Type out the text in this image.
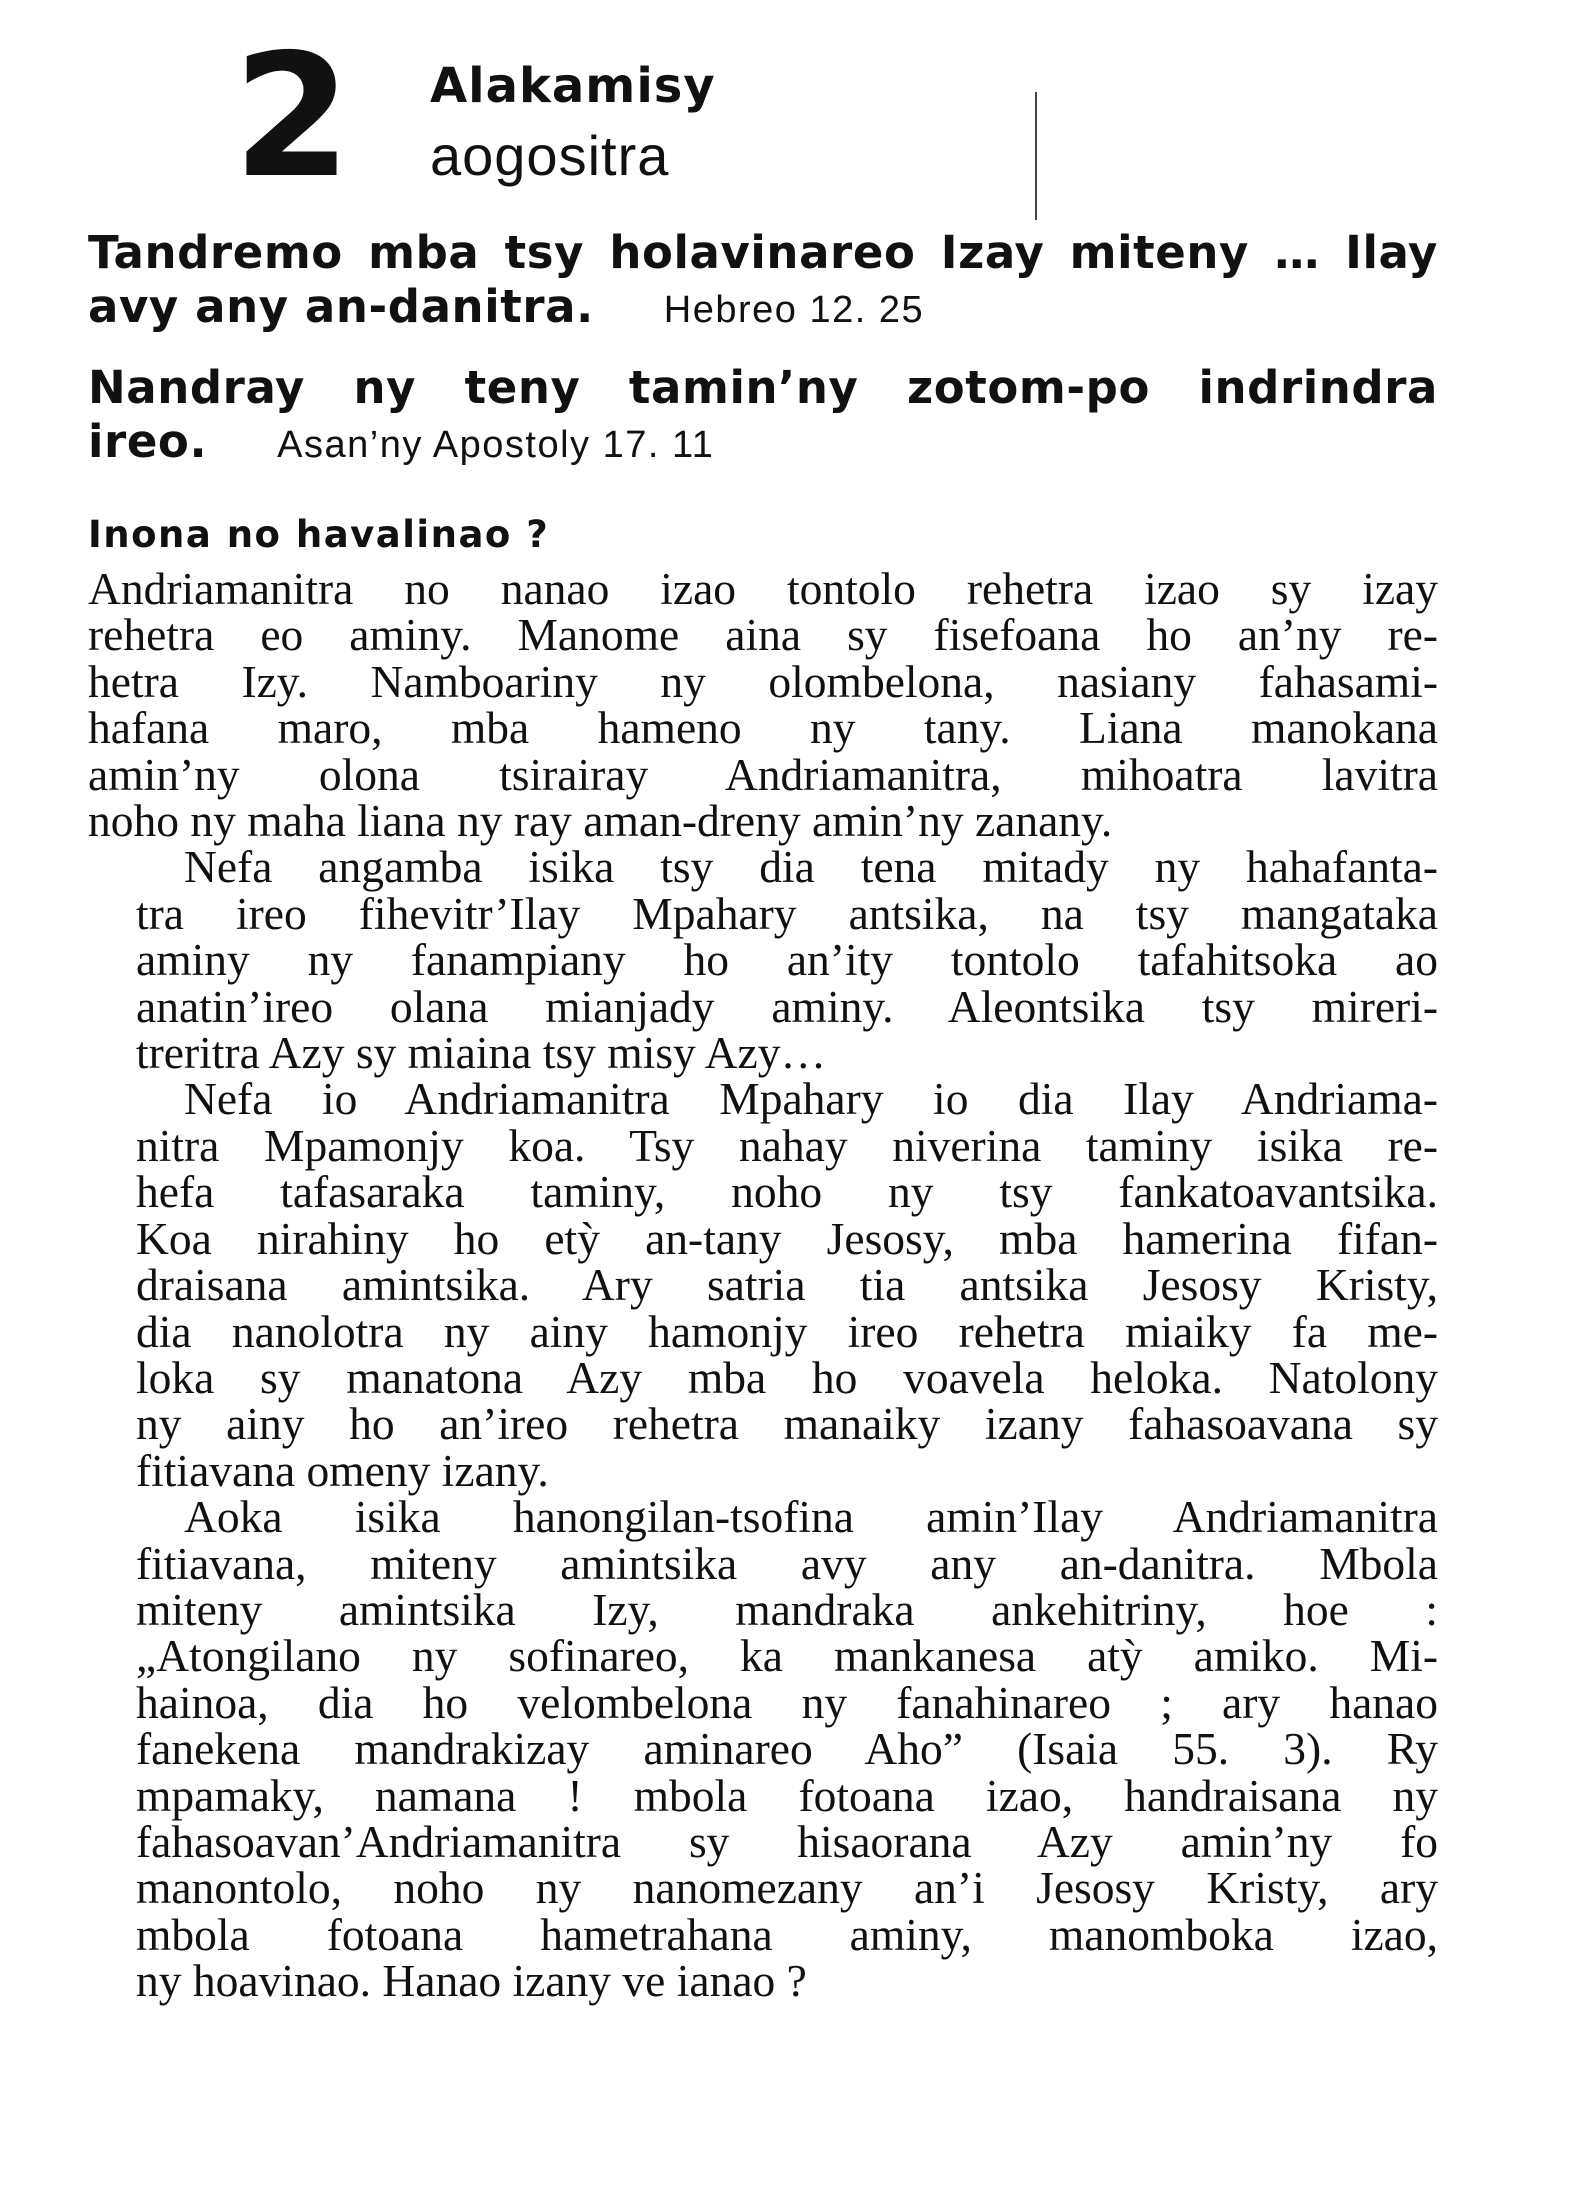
2 Alakamisy
aogositra

Tandremo mba tsy holavinareo Izay miteny … Ilay
avy any an-danitra. Hebreo 12. 25

Nandray ny teny tamin’ny zotom-po indrindra
ireo. Asan’ny Apostoly 17. 11

Inona no havalinao ?

Andriamanitra no nanao izao tontolo rehetra izao sy izay
rehetra eo aminy. Manome aina sy fisefoana ho an’ny re-
hetra Izy. Namboariny ny olombelona, nasiany fahasami-
hafana maro, mba hameno ny tany. Liana manokana
amin’ny olona tsirairay Andriamanitra, mihoatra lavitra
noho ny maha liana ny ray aman-dreny amin’ny zanany.

Nefa angamba isika tsy dia tena mitady ny hahafanta-
tra ireo fihevitr’Ilay Mpahary antsika, na tsy mangataka
aminy ny fanampiany ho an’ity tontolo tafahitsoka ao
anatin’ireo olana mianjady aminy. Aleontsika tsy mireri-
treritra Azy sy miaina tsy misy Azy…

Nefa io Andriamanitra Mpahary io dia Ilay Andriama-
nitra Mpamonjy koa. Tsy nahay niverina taminy isika re-
hefa tafasaraka taminy, noho ny tsy fankatoavantsika.
Koa nirahiny ho etỳ an-tany Jesosy, mba hamerina fifan-
draisana amintsika. Ary satria tia antsika Jesosy Kristy,
dia nanolotra ny ainy hamonjy ireo rehetra miaiky fa me-
loka sy manatona Azy mba ho voavela heloka. Natolony
ny ainy ho an’ireo rehetra manaiky izany fahasoavana sy
fitiavana omeny izany.

Aoka isika hanongilan-tsofina amin’Ilay Andriamanitra
fitiavana, miteny amintsika avy any an-danitra. Mbola
miteny amintsika Izy, mandraka ankehitriny, hoe :
„Atongilano ny sofinareo, ka mankanesa atỳ amiko. Mi-
hainoa, dia ho velombelona ny fanahinareo ; ary hanao
fanekena mandrakizay aminareo Aho” (Isaia 55. 3). Ry
mpamaky, namana ! mbola fotoana izao, handraisana ny
fahasoavan’Andriamanitra sy hisaorana Azy amin’ny fo
manontolo, noho ny nanomezany an’i Jesosy Kristy, ary
mbola fotoana hametrahana aminy, manomboka izao,
ny hoavinao. Hanao izany ve ianao ?
